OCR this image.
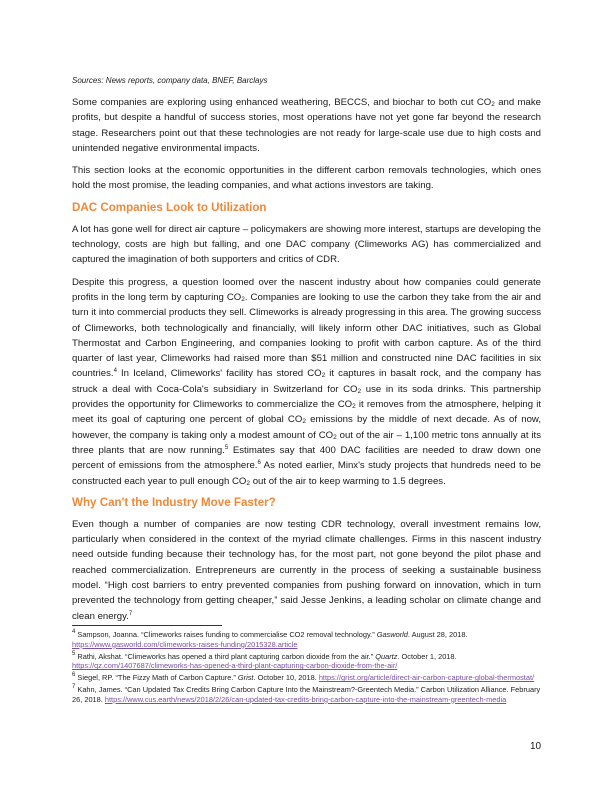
Sources: News reports, company data, BNEF, Barclays

Some companies are exploring using enhanced weathering, BECCS, and biochar to both cut $CO_2$ and make profits, but despite a handful of success stories, most operations have not yet gone far beyond the research stage. Researchers point out that these technologies are not ready for large-scale use due to high costs and unintended negative environmental impacts.

This section looks at the economic opportunities in the different carbon removals technologies, which ones hold the most promise, the leading companies, and what actions investors are taking.

DAC Companies Look to Utilization

A lot has gone well for direct air capture – policymakers are showing more interest, startups are developing the technology, costs are high but falling, and one DAC company (Climeworks AG) has commercialized and captured the imagination of both supporters and critics of CDR.

Despite this progress, a question loomed over the nascent industry about how companies could generate profits in the long term by capturing $CO_2$. Companies are looking to use the carbon they take from the air and turn it into commercial products they sell. Climeworks is already progressing in this area. The growing success of Climeworks, both technologically and financially, will likely inform other DAC initiatives, such as Global Thermostat and Carbon Engineering, and companies looking to profit with carbon capture. As of the third quarter of last year, Climeworks had raised more than $51 million and constructed nine DAC facilities in six countries.$^4$ In Iceland, Climeworks' facility has stored $CO_2$ it captures in basalt rock, and the company has struck a deal with Coca-Cola's subsidiary in Switzerland for $CO_2$ use in its soda drinks. This partnership provides the opportunity for Climeworks to commercialize the $CO_2$ it removes from the atmosphere, helping it meet its goal of capturing one percent of global $CO_2$ emissions by the middle of next decade. As of now, however, the company is taking only a modest amount of $CO_2$ out of the air – 1,100 metric tons annually at its three plants that are now running.$^5$ Estimates say that 400 DAC facilities are needed to draw down one percent of emissions from the atmosphere.$^6$ As noted earlier, Minx's study projects that hundreds need to be constructed each year to pull enough $CO_2$ out of the air to keep warming to 1.5 degrees.

Why Can't the Industry Move Faster?

Even though a number of companies are now testing CDR technology, overall investment remains low, particularly when considered in the context of the myriad climate challenges. Firms in this nascent industry need outside funding because their technology has, for the most part, not gone beyond the pilot phase and reached commercialization. Entrepreneurs are currently in the process of seeking a sustainable business model. “High cost barriers to entry prevented companies from pushing forward on innovation, which in turn prevented the technology from getting cheaper,” said Jesse Jenkins, a leading scholar on climate change and clean energy.$^7$

$^4$ Sampson, Joanna. “Climeworks raises funding to commercialise CO2 removal technology.” Gasworld. August 28, 2018.
https://www.gasworld.com/climeworks-raises-funding/2015328.article

$^5$ Rathi, Akshat. “Climeworks has opened a third plant capturing carbon dioxide from the air.” Quartz. October 1, 2018.
https://qz.com/1407687/climeworks-has-opened-a-third-plant-capturing-carbon-dioxide-from-the-air/

$^6$ Siegel, RP. “The Fizzy Math of Carbon Capture.” Grist. October 10, 2018. https://grist.org/article/direct-air-carbon-capture-global-thermostat/

$^7$ Kahn, James. “Can Updated Tax Credits Bring Carbon Capture Into the Mainstream?-Greentech Media.” Carbon Utilization Alliance. February 26, 2018. https://www.cus.earth/news/2018/2/26/can-updated-tax-credits-bring-carbon-capture-into-the-mainstream-greentech-media

10
